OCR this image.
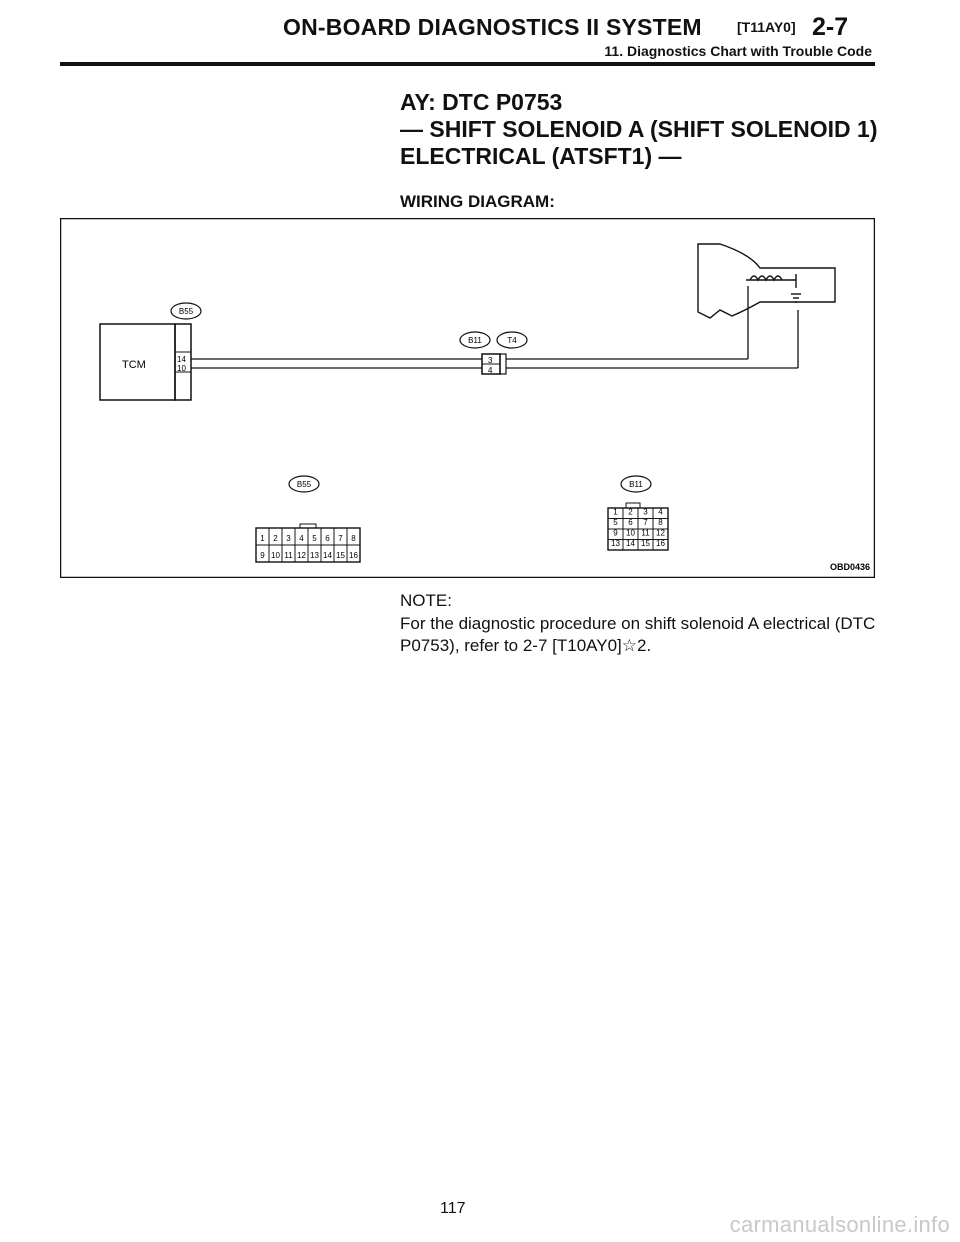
ON-BOARD DIAGNOSTICS II SYSTEM	[T11AY0] 2-7
11. Diagnostics Chart with Trouble Code
AY: DTC P0753
— SHIFT SOLENOID A (SHIFT SOLENOID 1)
ELECTRICAL (ATSFT1) —
WIRING DIAGRAM:
TCM	14
10
B55
B11	T4
3
4
B55
1 2 3 4 5 6 7 8
9 10 11 12 13 14 15 16
B11
1 2 3 4
5 6 7 8
9 10 11 12
13 14 15 16
OBD0436
NOTE:
For the diagnostic procedure on shift solenoid A electrical (DTC P0753), refer to 2-7 [T10AY0]☆2.
117
carmanualsonline.info
